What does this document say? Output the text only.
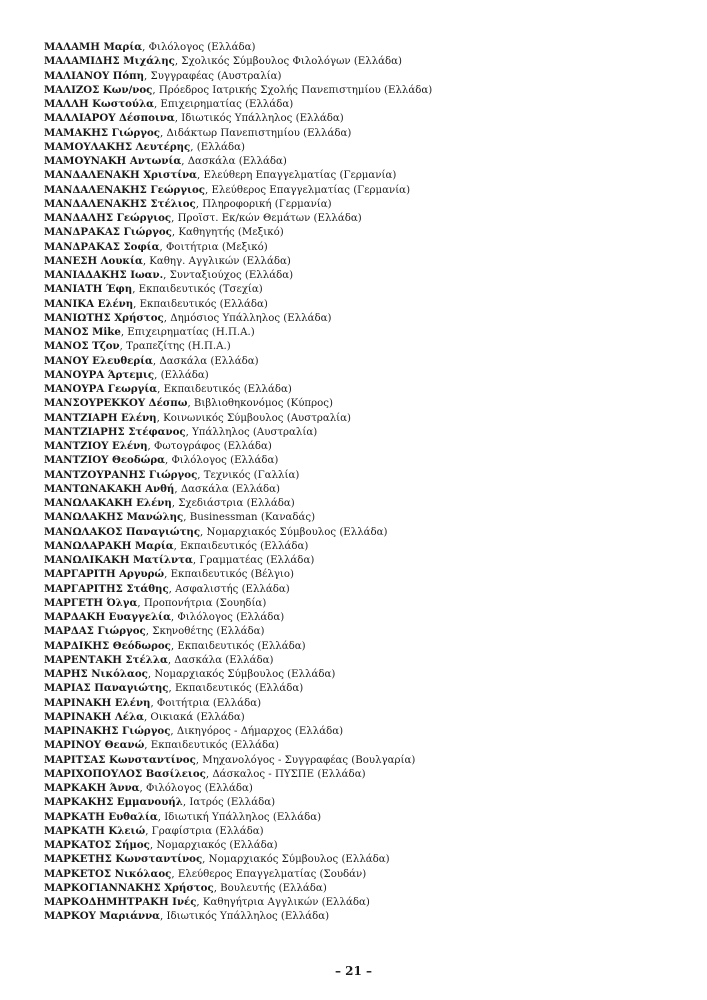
ΜΑΛΑΜΗ Μαρία, Φιλόλογος (Ελλάδα)
ΜΑΛΑΜΙΔΗΣ Μιχάλης, Σχολικός Σύμβουλος Φιλολόγων (Ελλάδα)
ΜΑΛΙΑΝΟΥ Πόπη, Συγγραφέας (Αυστραλία)
ΜΑΛΙΖΟΣ Κων/νος, Πρόεδρος Ιατρικής Σχολής Πανεπιστημίου (Ελλάδα)
ΜΑΛΛΗ Κωστούλα, Επιχειρηματίας (Ελλάδα)
ΜΑΛΛΙΑΡΟΥ Δέσποινα, Ιδιωτικός Υπάλληλος (Ελλάδα)
ΜΑΜΑΚΗΣ Γιώργος, Διδάκτωρ Πανεπιστημίου (Ελλάδα)
ΜΑΜΟΥΛΑΚΗΣ Λευτέρης, (Ελλάδα)
ΜΑΜΟΥΝΑΚΗ Αντωνία, Δασκάλα (Ελλάδα)
ΜΑΝΔΑΛΕΝΑΚΗ Χριστίνα, Ελεύθερη Επαγγελματίας (Γερμανία)
ΜΑΝΔΑΛΕΝΑΚΗΣ Γεώργιος, Ελεύθερος Επαγγελματίας (Γερμανία)
ΜΑΝΔΑΛΕΝΑΚΗΣ Στέλιος, Πληροφορική (Γερμανία)
ΜΑΝΔΑΛΗΣ Γεώργιος, Προϊστ. Εκ/κών Θεμάτων (Ελλάδα)
ΜΑΝΔΡΑΚΑΣ Γιώργος, Καθηγητής (Μεξικό)
ΜΑΝΔΡΑΚΑΣ Σοφία, Φοιτήτρια (Μεξικό)
ΜΑΝΕΣΗ Λουκία, Καθηγ. Αγγλικών (Ελλάδα)
ΜΑΝΙΑΔΑΚΗΣ Ιωαν., Συνταξιούχος (Ελλάδα)
ΜΑΝΙΑΤΗ Έφη, Εκπαιδευτικός (Τσεχία)
ΜΑΝΙΚΑ Ελένη, Εκπαιδευτικός (Ελλάδα)
ΜΑΝΙΩΤΗΣ Χρήστος, Δημόσιος Υπάλληλος (Ελλάδα)
ΜΑΝΟΣ Mike, Επιχειρηματίας (Η.Π.Α.)
ΜΑΝΟΣ Τζον, Τραπεζίτης (Η.Π.Α.)
ΜΑΝΟΥ Ελευθερία, Δασκάλα (Ελλάδα)
ΜΑΝΟΥΡΑ Άρτεμις, (Ελλάδα)
ΜΑΝΟΥΡΑ Γεωργία, Εκπαιδευτικός (Ελλάδα)
ΜΑΝΣΟΥΡΕΚΚΟΥ Δέσπω, Βιβλιοθηκονόμος (Κύπρος)
ΜΑΝΤΖΙΑΡΗ Ελένη, Κοινωνικός Σύμβουλος (Αυστραλία)
ΜΑΝΤΖΙΑΡΗΣ Στέφανος, Υπάλληλος (Αυστραλία)
ΜΑΝΤΖΙΟΥ Ελένη, Φωτογράφος (Ελλάδα)
ΜΑΝΤΖΙΟΥ Θεοδώρα, Φιλόλογος (Ελλάδα)
ΜΑΝΤΖΟΥΡΑΝΗΣ Γιώργος, Τεχνικός (Γαλλία)
ΜΑΝΤΩΝΑΚΑΚΗ Ανθή, Δασκάλα (Ελλάδα)
ΜΑΝΩΛΑΚΑΚΗ Ελένη, Σχεδιάστρια (Ελλάδα)
ΜΑΝΩΛΑΚΗΣ Μανώλης, Businessman (Καναδάς)
ΜΑΝΩΛΑΚΟΣ Παναγιώτης, Νομαρχιακός Σύμβουλος (Ελλάδα)
ΜΑΝΩΛΑΡΑΚΗ Μαρία, Εκπαιδευτικός (Ελλάδα)
ΜΑΝΩΛΙΚΑΚΗ Ματίλντα, Γραμματέας (Ελλάδα)
ΜΑΡΓΑΡΙΤΗ Αργυρώ, Εκπαιδευτικός (Βέλγιο)
ΜΑΡΓΑΡΙΤΗΣ Στάθης, Ασφαλιστής (Ελλάδα)
ΜΑΡΓΕΤΗ Όλγα, Προπονήτρια (Σουηδία)
ΜΑΡΔΑΚΗ Ευαγγελία, Φιλόλογος (Ελλάδα)
ΜΑΡΔΑΣ Γιώργος, Σκηνοθέτης (Ελλάδα)
ΜΑΡΔΙΚΗΣ Θεόδωρος, Εκπαιδευτικός (Ελλάδα)
ΜΑΡΕΝΤΑΚΗ Στέλλα, Δασκάλα (Ελλάδα)
ΜΑΡΗΣ Νικόλαος, Νομαρχιακός Σύμβουλος (Ελλάδα)
ΜΑΡΙΑΣ Παναγιώτης, Εκπαιδευτικός (Ελλάδα)
ΜΑΡΙΝΑΚΗ Ελένη, Φοιτήτρια (Ελλάδα)
ΜΑΡΙΝΑΚΗ Λέλα, Οικιακά (Ελλάδα)
ΜΑΡΙΝΑΚΗΣ Γιώργος, Δικηγόρος - Δήμαρχος (Ελλάδα)
ΜΑΡΙΝΟΥ Θεανώ, Εκπαιδευτικός (Ελλάδα)
ΜΑΡΙΤΣΑΣ Κωνσταντίνος, Μηχανολόγος - Συγγραφέας (Βουλγαρία)
ΜΑΡΙΧΟΠΟΥΛΟΣ Βασίλειος, Δάσκαλος - ΠΥΣΠΕ (Ελλάδα)
ΜΑΡΚΑΚΗ Άννα, Φιλόλογος (Ελλάδα)
ΜΑΡΚΑΚΗΣ Εμμανουήλ, Ιατρός (Ελλάδα)
ΜΑΡΚΑΤΗ Ευθαλία, Ιδιωτική Υπάλληλος (Ελλάδα)
ΜΑΡΚΑΤΗ Κλειώ, Γραφίστρια (Ελλάδα)
ΜΑΡΚΑΤΟΣ Σήμος, Νομαρχιακός (Ελλάδα)
ΜΑΡΚΕΤΗΣ Κωνσταντίνος, Νομαρχιακός Σύμβουλος (Ελλάδα)
ΜΑΡΚΕΤΟΣ Νικόλαος, Ελεύθερος Επαγγελματίας (Σουδάν)
ΜΑΡΚΟΓΙΑΝΝΑΚΗΣ Χρήστος, Βουλευτής (Ελλάδα)
ΜΑΡΚΟΔΗΜΗΤΡΑΚΗ Ινές, Καθηγήτρια Αγγλικών (Ελλάδα)
ΜΑΡΚΟΥ Μαριάννα, Ιδιωτικός Υπάλληλος (Ελλάδα)
– 21 –
